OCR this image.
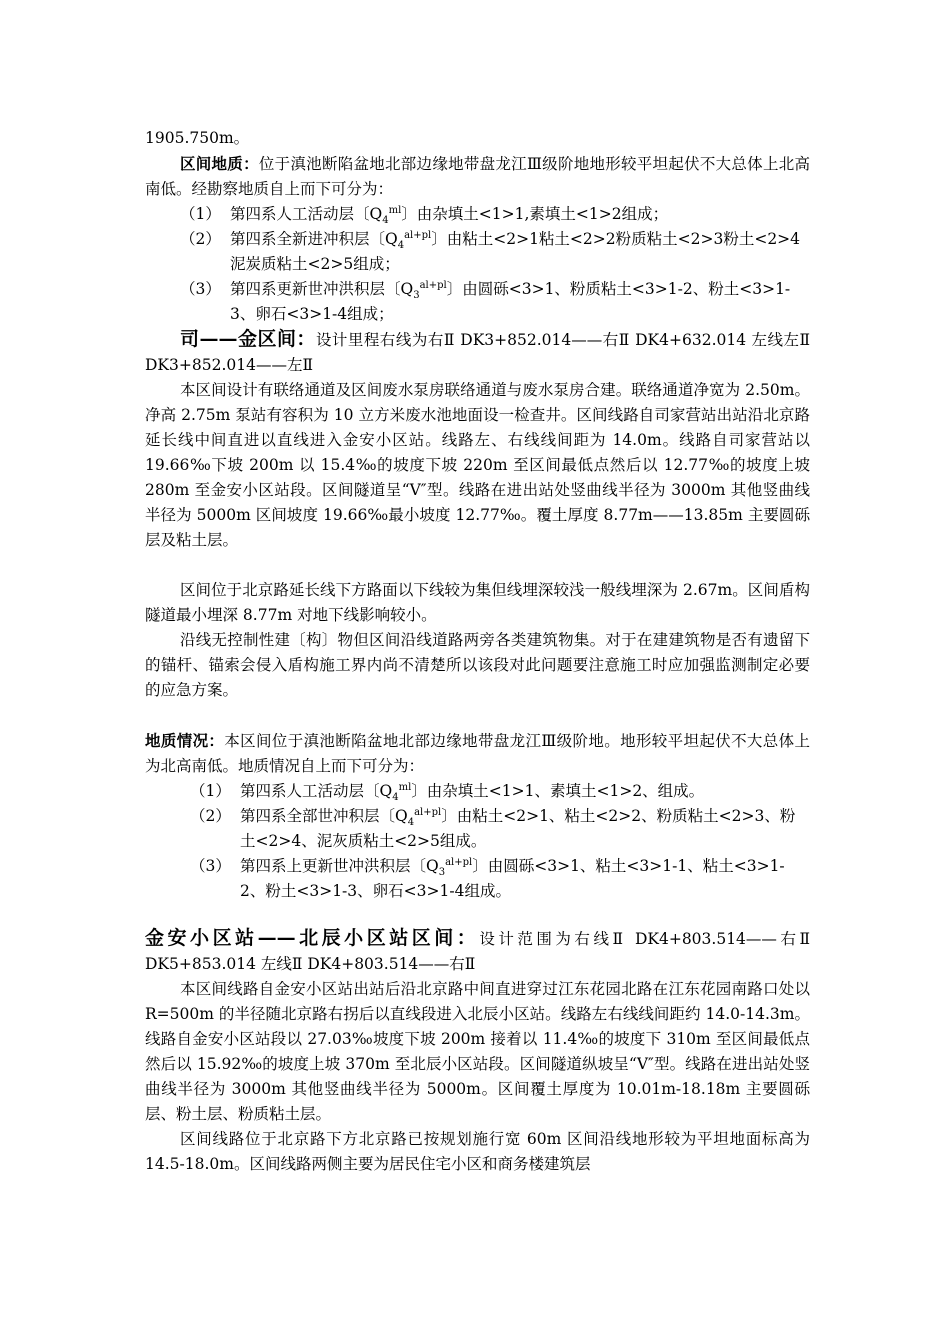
1905.750m。

区间地质：位于滇池断陷盆地北部边缘地带盘龙江Ⅲ级阶地地形较平坦起伏不大总体上北高南低。经勘察地质自上而下可分为：

（1） 第四系人工活动层〔$Q_4^{ml}$〕由杂填土<1>1,素填土<1>2组成；
（2） 第四系全新进冲积层〔$Q_4^{al+pl}$〕由粘土<2>1粘土<2>2粉质粘土<2>3粉土<2>4泥炭质粘土<2>5组成；
（3） 第四系更新世冲洪积层〔$Q_3^{al+pl}$〕由圆砾<3>1、粉质粘土<3>1-2、粉土<3>1-3、卵石<3>1-4组成；

司——金区间：设计里程右线为右Ⅱ DK3+852.014——右Ⅱ DK4+632.014 左线左Ⅱ DK3+852.014——左Ⅱ

本区间设计有联络通道及区间废水泵房联络通道与废水泵房合建。联络通道净宽为 2.50m。净高 2.75m 泵站有容积为 10 立方米废水池地面设一检查井。区间线路自司家营站出站沿北京路延长线中间直进以直线进入金安小区站。线路左、右线线间距为 14.0m。线路自司家营站以 19.66‰下坡 200m 以 15.4‰的坡度下坡 220m 至区间最低点然后以 12.77‰的坡度上坡 280m 至金安小区站段。区间隧道呈“V″型。线路在进出站处竖曲线半径为 3000m 其他竖曲线半径为 5000m 区间坡度 19.66‰最小坡度 12.77‰。覆土厚度 8.77m——13.85m 主要圆砾层及粘土层。

区间位于北京路延长线下方路面以下线较为集但线埋深较浅一般线埋深为 2.67m。区间盾构隧道最小埋深 8.77m 对地下线影响较小。

沿线无控制性建〔构〕物但区间沿线道路两旁各类建筑物集。对于在建建筑物是否有遗留下的锚杆、锚索会侵入盾构施工界内尚不清楚所以该段对此问题要注意施工时应加强监测制定必要的应急方案。

地质情况：本区间位于滇池断陷盆地北部边缘地带盘龙江Ⅲ级阶地。地形较平坦起伏不大总体上为北高南低。地质情况自上而下可分为：

（1） 第四系人工活动层〔$Q_4^{ml}$〕由杂填土<1>1、素填土<1>2、组成。
（2） 第四系全部世冲积层〔$Q_4^{al+pl}$〕由粘土<2>1、粘土<2>2、粉质粘土<2>3、粉土<2>4、泥灰质粘土<2>5组成。
（3） 第四系上更新世冲洪积层〔$Q_3^{al+pl}$〕由圆砾<3>1、粘土<3>1-1、粘土<3>1-2、粉土<3>1-3、卵石<3>1-4组成。

金安小区站——北辰小区站区间：设计范围为右线Ⅱ DK4+803.514——右Ⅱ DK5+853.014 左线Ⅱ DK4+803.514——右Ⅱ

本区间线路自金安小区站出站后沿北京路中间直进穿过江东花园北路在江东花园南路口处以 R=500m 的半径随北京路右拐后以直线段进入北辰小区站。线路左右线线间距约 14.0-14.3m。线路自金安小区站段以 27.03‰坡度下坡 200m 接着以 11.4‰的坡度下 310m 至区间最低点然后以 15.92‰的坡度上坡 370m 至北辰小区站段。区间隧道纵坡呈“V″型。线路在进出站处竖曲线半径为 3000m 其他竖曲线半径为 5000m。区间覆土厚度为 10.01m-18.18m 主要圆砾层、粉土层、粉质粘土层。

区间线路位于北京路下方北京路已按规划施行宽 60m 区间沿线地形较为平坦地面标高为 14.5-18.0m。区间线路两侧主要为居民住宅小区和商务楼建筑层
